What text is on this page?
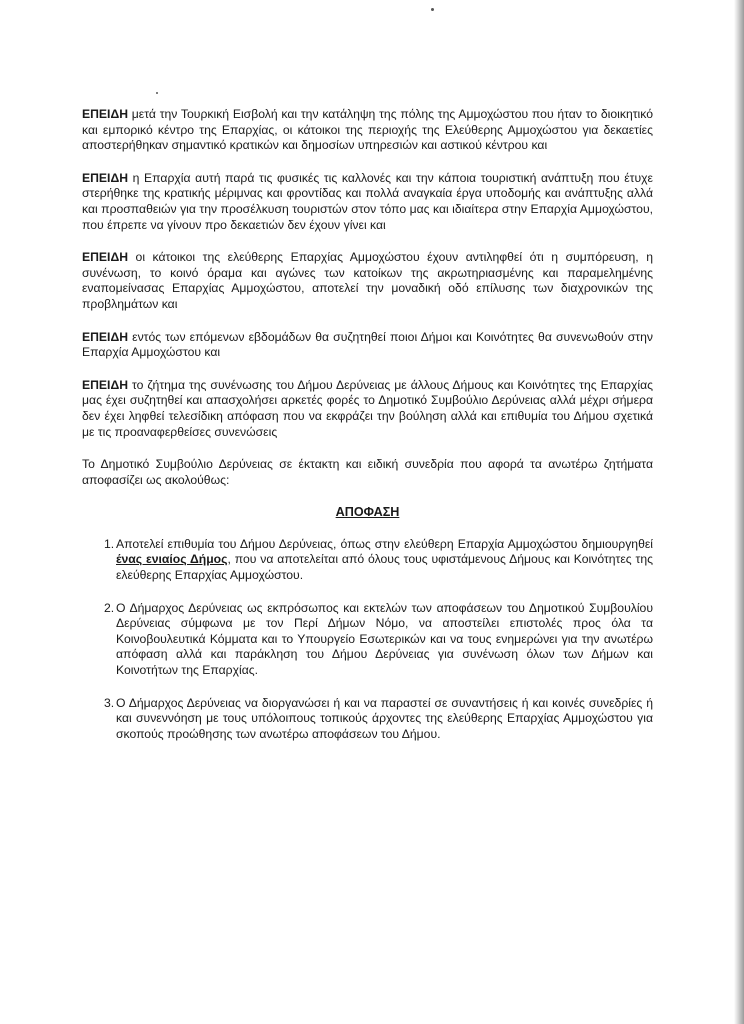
ΕΠΕΙΔΗ μετά την Τουρκική Εισβολή και την κατάληψη της πόλης της Αμμοχώστου που ήταν το διοικητικό και εμπορικό κέντρο της Επαρχίας, οι κάτοικοι της περιοχής της Ελεύθερης Αμμοχώστου για δεκαετίες αποστερήθηκαν σημαντικό κρατικών και δημοσίων υπηρεσιών και αστικού κέντρου και

ΕΠΕΙΔΗ η Επαρχία αυτή παρά τις φυσικές τις καλλονές και την κάποια τουριστική ανάπτυξη που έτυχε στερήθηκε της κρατικής μέριμνας και φροντίδας και πολλά αναγκαία έργα υποδομής και ανάπτυξης αλλά και προσπαθειών για την προσέλκυση τουριστών στον τόπο μας και ιδιαίτερα στην Επαρχία Αμμοχώστου, που έπρεπε να γίνουν προ δεκαετιών δεν έχουν γίνει και

ΕΠΕΙΔΗ οι κάτοικοι της ελεύθερης Επαρχίας Αμμοχώστου έχουν αντιληφθεί ότι η συμπόρευση, η συνένωση, το κοινό όραμα και αγώνες των κατοίκων της ακρωτηριασμένης και παραμελημένης εναπομείνασας Επαρχίας Αμμοχώστου, αποτελεί την μοναδική οδό επίλυσης των διαχρονικών της προβλημάτων και

ΕΠΕΙΔΗ εντός των επόμενων εβδομάδων θα συζητηθεί ποιοι Δήμοι και Κοινότητες θα συνενωθούν στην Επαρχία Αμμοχώστου και

ΕΠΕΙΔΗ το ζήτημα της συνένωσης του Δήμου Δερύνειας με άλλους Δήμους και Κοινότητες της Επαρχίας μας έχει συζητηθεί και απασχολήσει αρκετές φορές το Δημοτικό Συμβούλιο Δερύνειας αλλά μέχρι σήμερα δεν έχει ληφθεί τελεσίδικη απόφαση που να εκφράζει την βούληση αλλά και επιθυμία του Δήμου σχετικά με τις προαναφερθείσες συνενώσεις

Το Δημοτικό Συμβούλιο Δερύνειας σε έκτακτη και ειδική συνεδρία που αφορά τα ανωτέρω ζητήματα αποφασίζει ως ακολούθως:

ΑΠΟΦΑΣΗ

1. Αποτελεί επιθυμία του Δήμου Δερύνειας, όπως στην ελεύθερη Επαρχία Αμμοχώστου δημιουργηθεί ένας ενιαίος Δήμος, που να αποτελείται από όλους τους υφιστάμενους Δήμους και Κοινότητες της ελεύθερης Επαρχίας Αμμοχώστου.
2. Ο Δήμαρχος Δερύνειας ως εκπρόσωπος και εκτελών των αποφάσεων του Δημοτικού Συμβουλίου Δερύνειας σύμφωνα με τον Περί Δήμων Νόμο, να αποστείλει επιστολές προς όλα τα Κοινοβουλευτικά Κόμματα και το Υπουργείο Εσωτερικών και να τους ενημερώνει για την ανωτέρω απόφαση αλλά και παράκληση του Δήμου Δερύνειας για συνένωση όλων των Δήμων και Κοινοτήτων της Επαρχίας.
3. Ο Δήμαρχος Δερύνειας να διοργανώσει ή και να παραστεί σε συναντήσεις ή και κοινές συνεδρίες ή και συνεννόηση με τους υπόλοιπους τοπικούς άρχοντες της ελεύθερης Επαρχίας Αμμοχώστου για σκοπούς προώθησης των ανωτέρω αποφάσεων του Δήμου.
